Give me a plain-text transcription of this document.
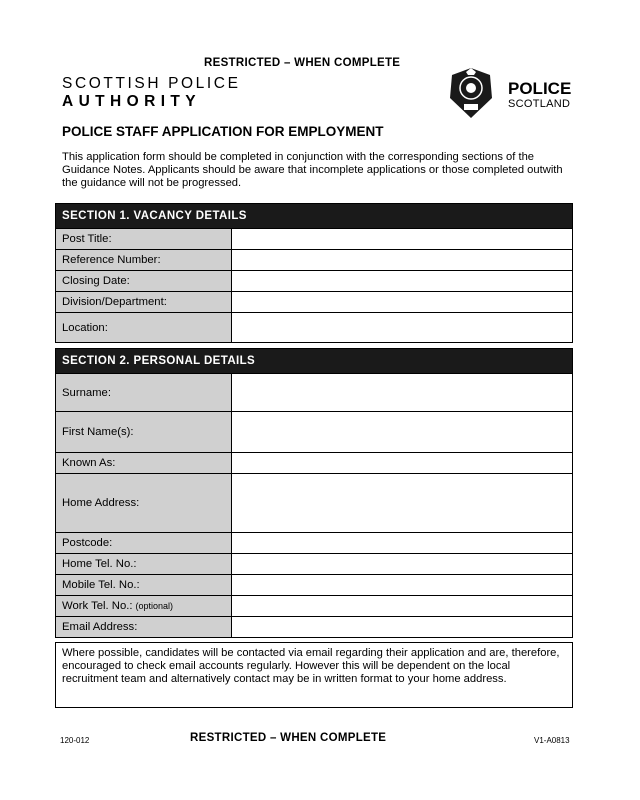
RESTRICTED – WHEN COMPLETE
SCOTTISH POLICE
AUTHORITY
POLICE
SCOTLAND
POLICE STAFF APPLICATION FOR EMPLOYMENT
This application form should be completed in conjunction with the corresponding sections of the Guidance Notes. Applicants should be aware that incomplete applications or those completed outwith the guidance will not be progressed.
SECTION 1. VACANCY DETAILS
Post Title:
Reference Number:
Closing Date:
Division/Department:
Location:
SECTION 2. PERSONAL DETAILS
Surname:
First Name(s):
Known As:
Home Address:
Postcode:
Home Tel. No.:
Mobile Tel. No.:
Work Tel. No.: (optional)
Email Address:
Where possible, candidates will be contacted via email regarding their application and are, therefore, encouraged to check email accounts regularly. However this will be dependent on the local recruitment team and alternatively contact may be in written format to your home address.
120-012	RESTRICTED – WHEN COMPLETE	V1-A0813
